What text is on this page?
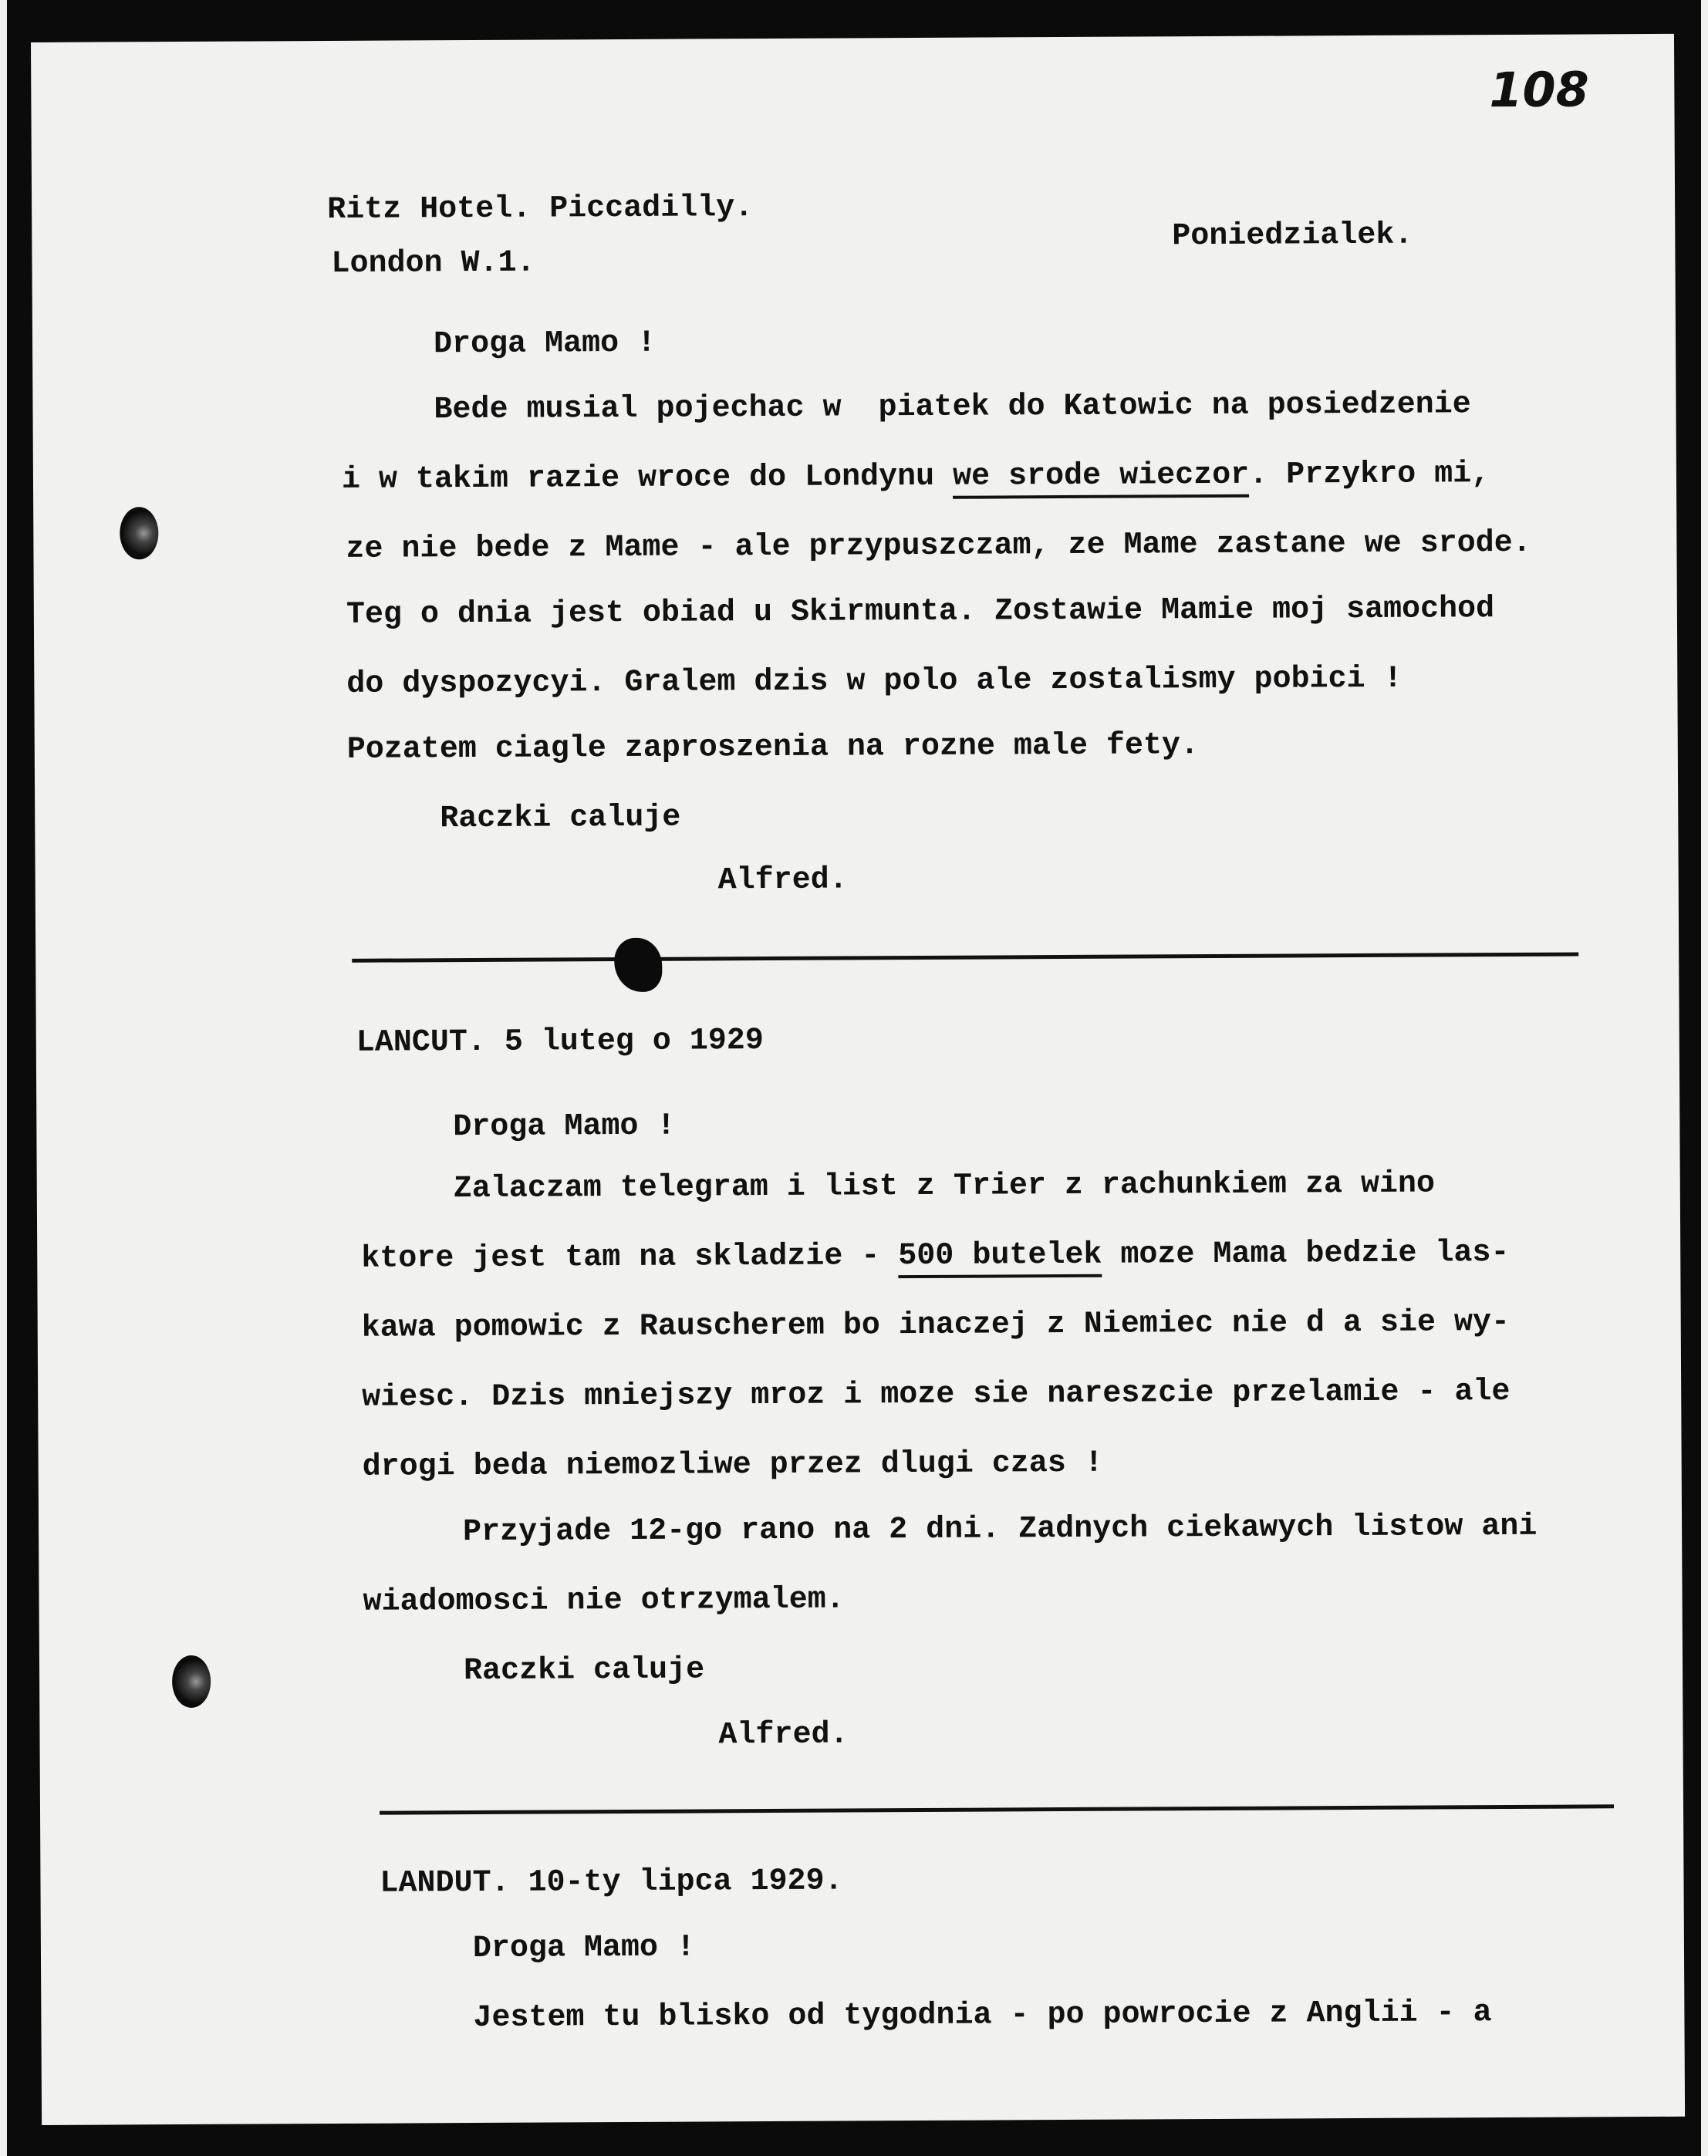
108
Ritz Hotel. Piccadilly.
London W.1.
Poniedzialek.
Droga Mamo !
Bede musial pojechac w  piatek do Katowic na posiedzenie
i w takim razie wroce do Londynu we srode wieczor. Przykro mi,
ze nie bede z Mame - ale przypuszczam, ze Mame zastane we srode.
Teg o dnia jest obiad u Skirmunta. Zostawie Mamie moj samochod
do dyspozycyi. Gralem dzis w polo ale zostalismy pobici !
Pozatem ciagle zaproszenia na rozne male fety.
Raczki caluje
Alfred.
LANCUT. 5 luteg o 1929
Droga Mamo !
Zalaczam telegram i list z Trier z rachunkiem za wino
ktore jest tam na skladzie - 500 butelek moze Mama bedzie las-
kawa pomowic z Rauscherem bo inaczej z Niemiec nie d a sie wy-
wiesc. Dzis mniejszy mroz i moze sie nareszcie przelamie - ale
drogi beda niemozliwe przez dlugi czas !
Przyjade 12-go rano na 2 dni. Zadnych ciekawych listow ani
wiadomosci nie otrzymalem.
Raczki caluje
Alfred.
LANDUT. 10-ty lipca 1929.
Droga Mamo !
Jestem tu blisko od tygodnia - po powrocie z Anglii - a
